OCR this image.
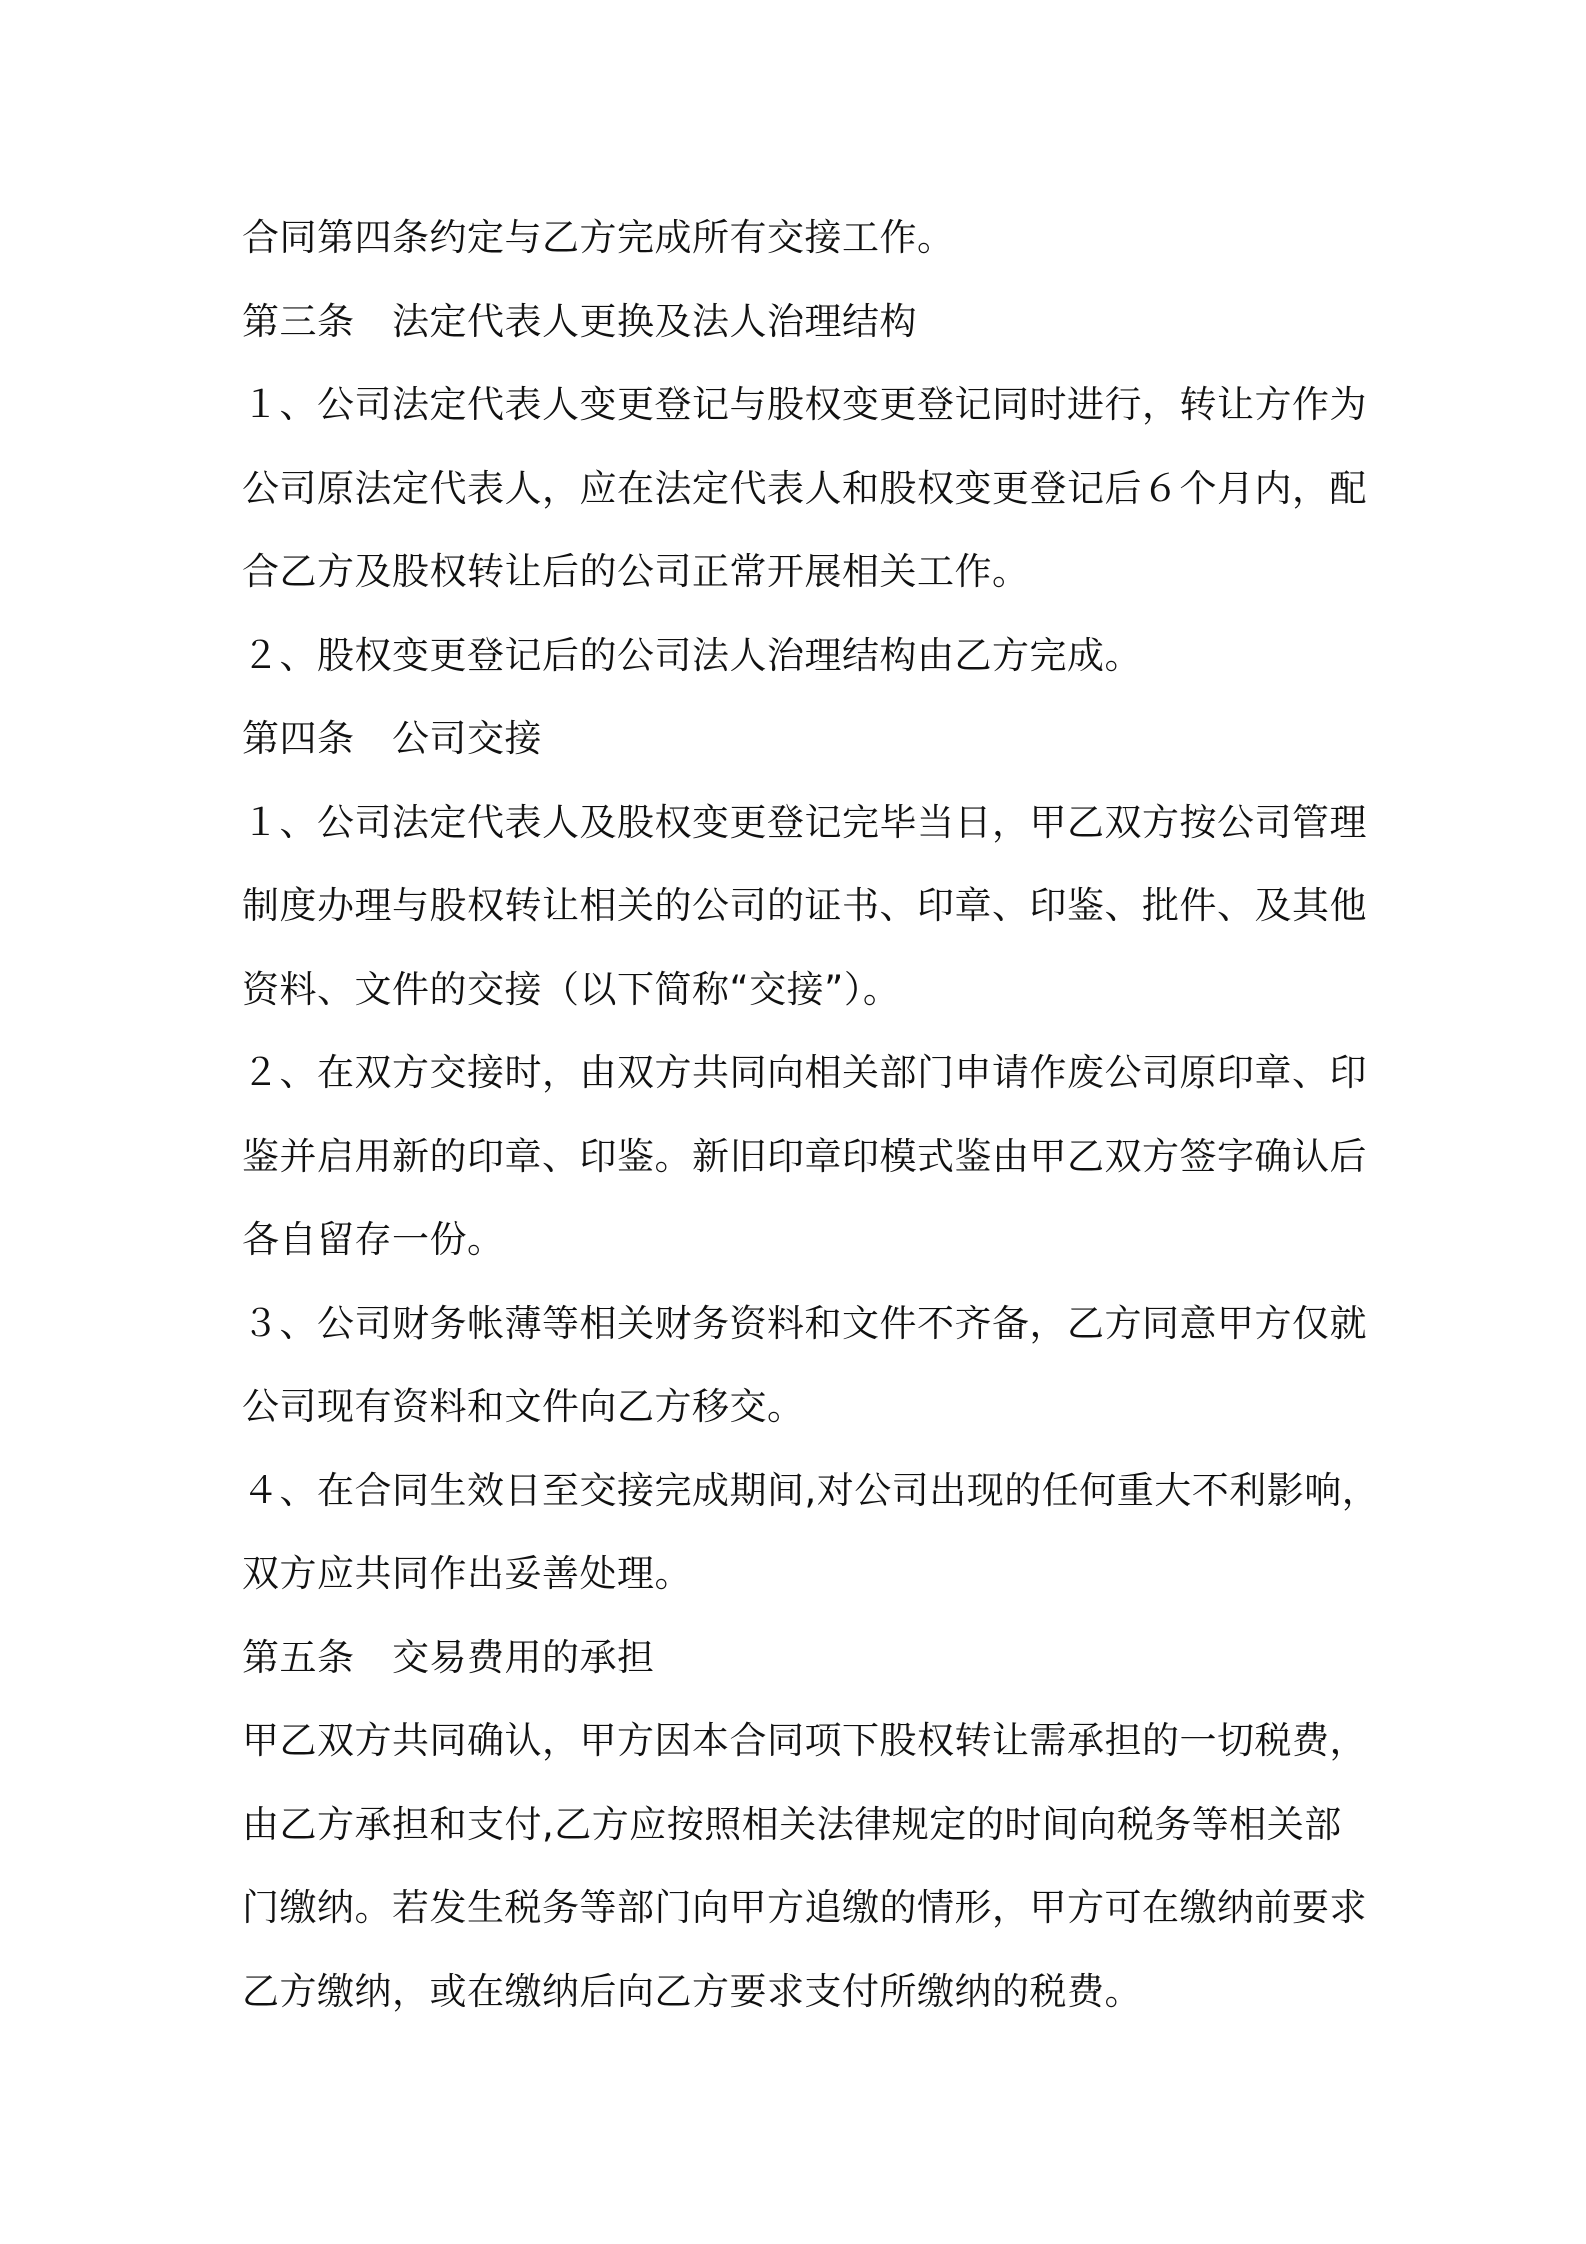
合同第四条约定与乙方完成所有交接工作。
第三条　法定代表人更换及法人治理结构
１、公司法定代表人变更登记与股权变更登记同时进行，转让方作为
公司原法定代表人，应在法定代表人和股权变更登记后６个月内，配
合乙方及股权转让后的公司正常开展相关工作。
２、股权变更登记后的公司法人治理结构由乙方完成。
第四条　公司交接
１、公司法定代表人及股权变更登记完毕当日，甲乙双方按公司管理
制度办理与股权转让相关的公司的证书、印章、印鉴、批件、及其他
资料、文件的交接（以下简称“交接”）。
２、在双方交接时，由双方共同向相关部门申请作废公司原印章、印
鉴并启用新的印章、印鉴。新旧印章印模式鉴由甲乙双方签字确认后
各自留存一份。
３、公司财务帐薄等相关财务资料和文件不齐备，乙方同意甲方仅就
公司现有资料和文件向乙方移交。
４、在合同生效日至交接完成期间,对公司出现的任何重大不利影响，
双方应共同作出妥善处理。
第五条　交易费用的承担
甲乙双方共同确认，甲方因本合同项下股权转让需承担的一切税费，
由乙方承担和支付,乙方应按照相关法律规定的时间向税务等相关部
门缴纳。若发生税务等部门向甲方追缴的情形，甲方可在缴纳前要求
乙方缴纳，或在缴纳后向乙方要求支付所缴纳的税费。
